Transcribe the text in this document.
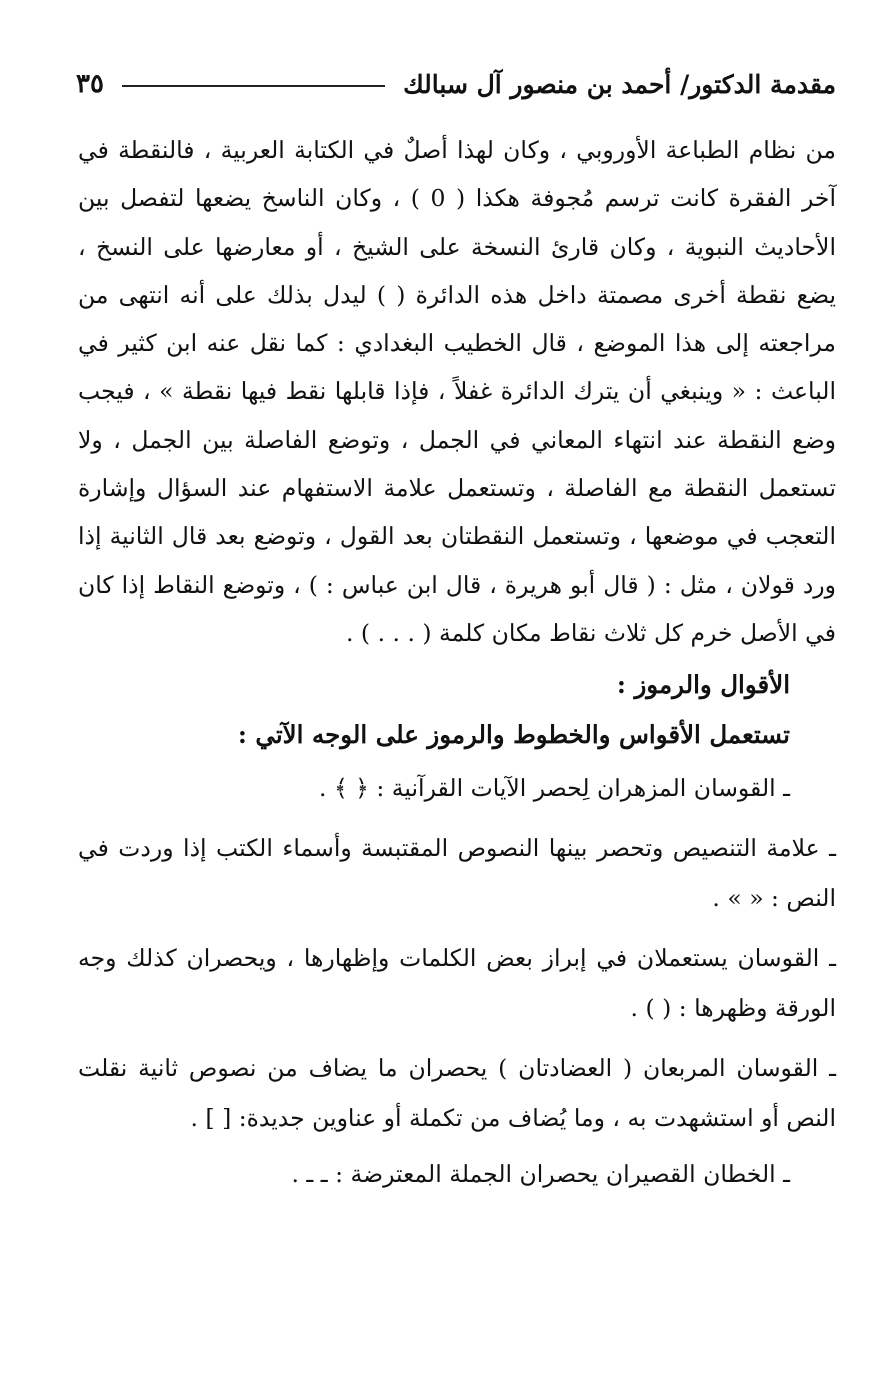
مقدمة الدكتور/ أحمد بن منصور آل سبالك
٣٥

من نظام الطباعة الأوروبي ، وكان لهذا أصلٌ في الكتابة العربية ، فالنقطة في آخر الفقرة كانت ترسم مُجوفة هكذا ( 0 ) ، وكان الناسخ يضعها لتفصل بين الأحاديث النبوية ، وكان قارئ النسخة على الشيخ ، أو معارضها على النسخ ، يضع نقطة أخرى مصمتة داخل هذه الدائرة ( ) ليدل بذلك على أنه انتهى من مراجعته إلى هذا الموضع ، قال الخطيب البغدادي : كما نقل عنه ابن كثير في الباعث : « وينبغي أن يترك الدائرة غفلاً ، فإذا قابلها نقط فيها نقطة » ، فيجب وضع النقطة عند انتهاء المعاني في الجمل ، وتوضع الفاصلة بين الجمل ، ولا تستعمل النقطة مع الفاصلة ، وتستعمل علامة الاستفهام عند السؤال وإشارة التعجب في موضعها ، وتستعمل النقطتان بعد القول ، وتوضع بعد قال الثانية إذا ورد قولان ، مثل : ( قال أبو هريرة ، قال ابن عباس : ) ، وتوضع النقاط إذا كان في الأصل خرم كل ثلاث نقاط مكان كلمة ( . . . ) .

الأقوال والرموز :
تستعمل الأقواس والخطوط والرموز على الوجه الآتي :

ـ القوسان المزهران لِحصر الآيات القرآنية : ﴿ ﴾ .

ـ علامة التنصيص وتحصر بينها النصوص المقتبسة وأسماء الكتب إذا وردت في النص : « » .

ـ القوسان يستعملان في إبراز بعض الكلمات وإظهارها ، ويحصران كذلك وجه الورقة وظهرها : ( ) .

ـ القوسان المربعان ( العضادتان ) يحصران ما يضاف من نصوص ثانية نقلت النص أو استشهدت به ، وما يُضاف من تكملة أو عناوين جديدة: [ ] .

ـ الخطان القصيران يحصران الجملة المعترضة : ـ ـ .
